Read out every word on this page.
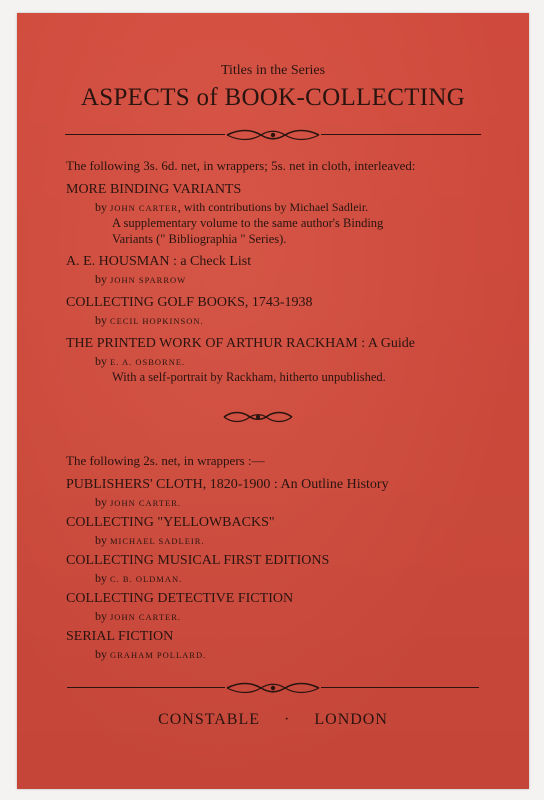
Titles in the Series
ASPECTS of BOOK-COLLECTING
The following 3s. 6d. net, in wrappers; 5s. net in cloth, interleaved:
MORE BINDING VARIANTS
by JOHN CARTER, with contributions by Michael Sadleir.
A supplementary volume to the same author's Binding
Variants (" Bibliographia " Series).
A. E. HOUSMAN : a Check List
by JOHN SPARROW
COLLECTING GOLF BOOKS, 1743-1938
by CECIL HOPKINSON.
THE PRINTED WORK OF ARTHUR RACKHAM : A Guide
by E. A. OSBORNE.
With a self-portrait by Rackham, hitherto unpublished.
The following 2s. net, in wrappers :—
PUBLISHERS' CLOTH, 1820-1900 : An Outline History
by JOHN CARTER.
COLLECTING "YELLOWBACKS"
by MICHAEL SADLEIR.
COLLECTING MUSICAL FIRST EDITIONS
by C. B. OLDMAN.
COLLECTING DETECTIVE FICTION
by JOHN CARTER.
SERIAL FICTION
by GRAHAM POLLARD.
CONSTABLE · LONDON
